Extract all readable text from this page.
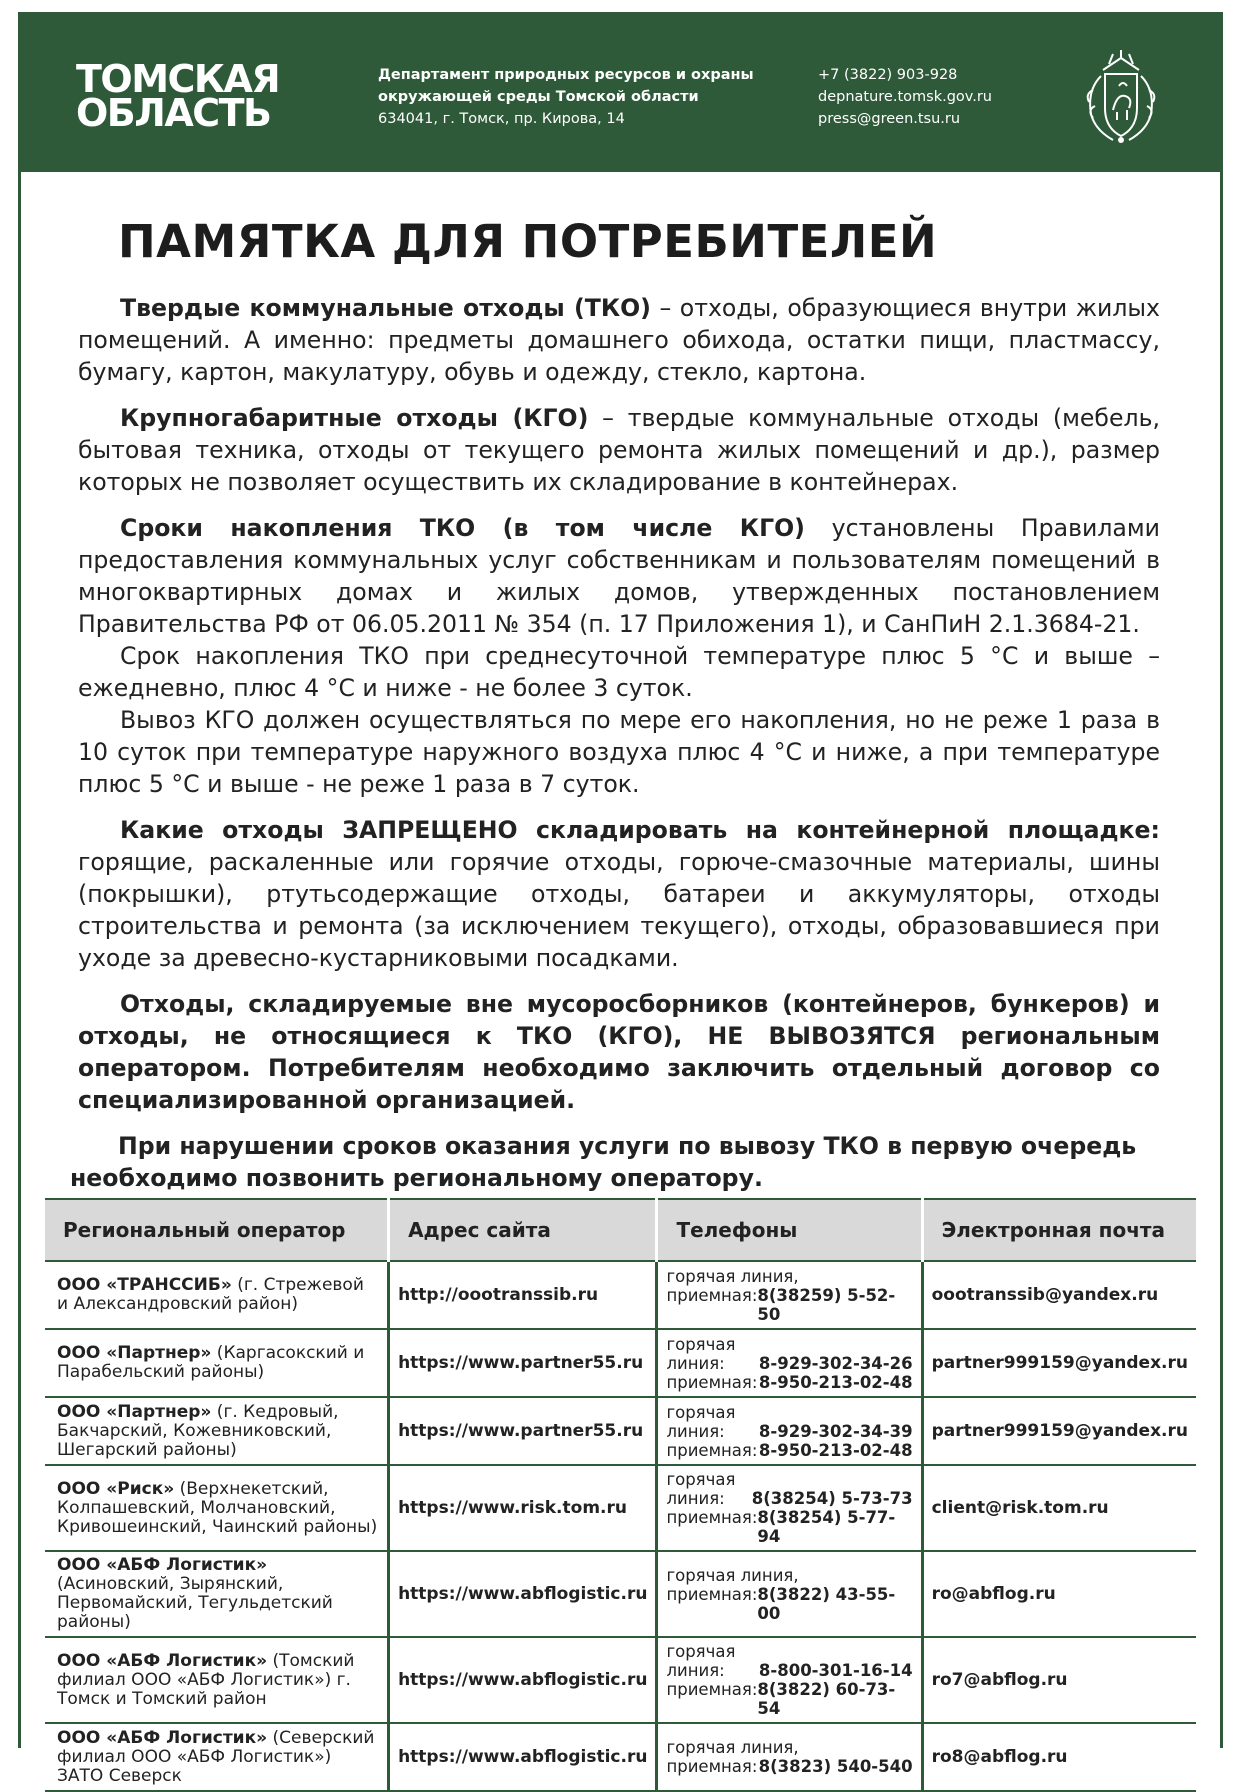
ТОМСКАЯ
ОБЛАСТЬ
Департамент природных ресурсов и охраны
окружающей среды Томской области
634041, г. Томск, пр. Кирова, 14
+7 (3822) 903-928
depnature.tomsk.gov.ru
press@green.tsu.ru
ПАМЯТКА ДЛЯ ПОТРЕБИТЕЛЕЙ

Твердые коммунальные отходы (ТКО) – отходы, образующиеся внутри жилых помещений. А именно: предметы домашнего обихода, остатки пищи, пластмассу, бумагу, картон, макулатуру, обувь и одежду, стекло, картона.

Крупногабаритные отходы (КГО) – твердые коммунальные отходы (мебель, бытовая техника, отходы от текущего ремонта жилых помещений и др.), размер которых не позволяет осуществить их складирование в контейнерах.

Сроки накопления ТКО (в том числе КГО) установлены Правилами предоставления коммунальных услуг собственникам и пользователям помещений в многоквартирных домах и жилых домов, утвержденных постановлением Правительства РФ от 06.05.2011 № 354 (п. 17 Приложения 1), и СанПиН 2.1.3684-21.

Срок накопления ТКО при среднесуточной температуре плюс 5 °С и выше – ежедневно, плюс 4 °С и ниже - не более 3 суток.

Вывоз КГО должен осуществляться по мере его накопления, но не реже 1 раза в 10 суток при температуре наружного воздуха плюс 4 °С и ниже, а при температуре плюс 5 °С и выше - не реже 1 раза в 7 суток.

Какие отходы ЗАПРЕЩЕНО складировать на контейнерной площадке: горящие, раскаленные или горячие отходы, горюче-смазочные материалы, шины (покрышки), ртутьсодержащие отходы, батареи и аккумуляторы, отходы строительства и ремонта (за исключением текущего), отходы, образовавшиеся при уходе за древесно-кустарниковыми посадками.

Отходы, складируемые вне мусоросборников (контейнеров, бункеров) и отходы, не относящиеся к ТКО (КГО), НЕ ВЫВОЗЯТСЯ региональным оператором. Потребителям необходимо заключить отдельный договор со специализированной организацией.

При нарушении сроков оказания услуги по вывозу ТКО в первую очередь
необходимо позвонить региональному оператору.
Региональный оператор	Адрес сайта	Телефоны	Электронная почта
ООО «ТРАНССИБ» (г. Стрежевой и Александровский район)	http://oootranssib.ru	горячая линия,
приемная: 8(38259) 5-52-50	oootranssib@yandex.ru
ООО «Партнер» (Каргасокский и Парабельский районы)	https://www.partner55.ru	горячая
линия: 8-929-302-34-26
приемная: 8-950-213-02-48	partner999159@yandex.ru
ООО «Партнер» (г. Кедровый, Бакчарский, Кожевниковский, Шегарский районы)	https://www.partner55.ru	горячая
линия: 8-929-302-34-39
приемная: 8-950-213-02-48	partner999159@yandex.ru
ООО «Риск» (Верхнекетский, Колпашевский, Молчановский, Кривошеинский, Чаинский районы)	https://www.risk.tom.ru	горячая
линия: 8(38254) 5-73-73
приемная: 8(38254) 5-77-94	client@risk.tom.ru
ООО «АБФ Логистик» (Асиновский, Зырянский, Первомайский, Тегульдетский районы)	https://www.abflogistic.ru	горячая линия,
приемная: 8(3822) 43-55-00	ro@abflog.ru
ООО «АБФ Логистик» (Томский филиал ООО «АБФ Логистик») г. Томск и Томский район	https://www.abflogistic.ru	горячая
линия: 8-800-301-16-14
приемная: 8(3822) 60-73-54	ro7@abflog.ru
ООО «АБФ Логистик» (Северский филиал ООО «АБФ Логистик») ЗАТО Северск	https://www.abflogistic.ru	горячая линия,
приемная: 8(3823) 540-540	ro8@abflog.ru
